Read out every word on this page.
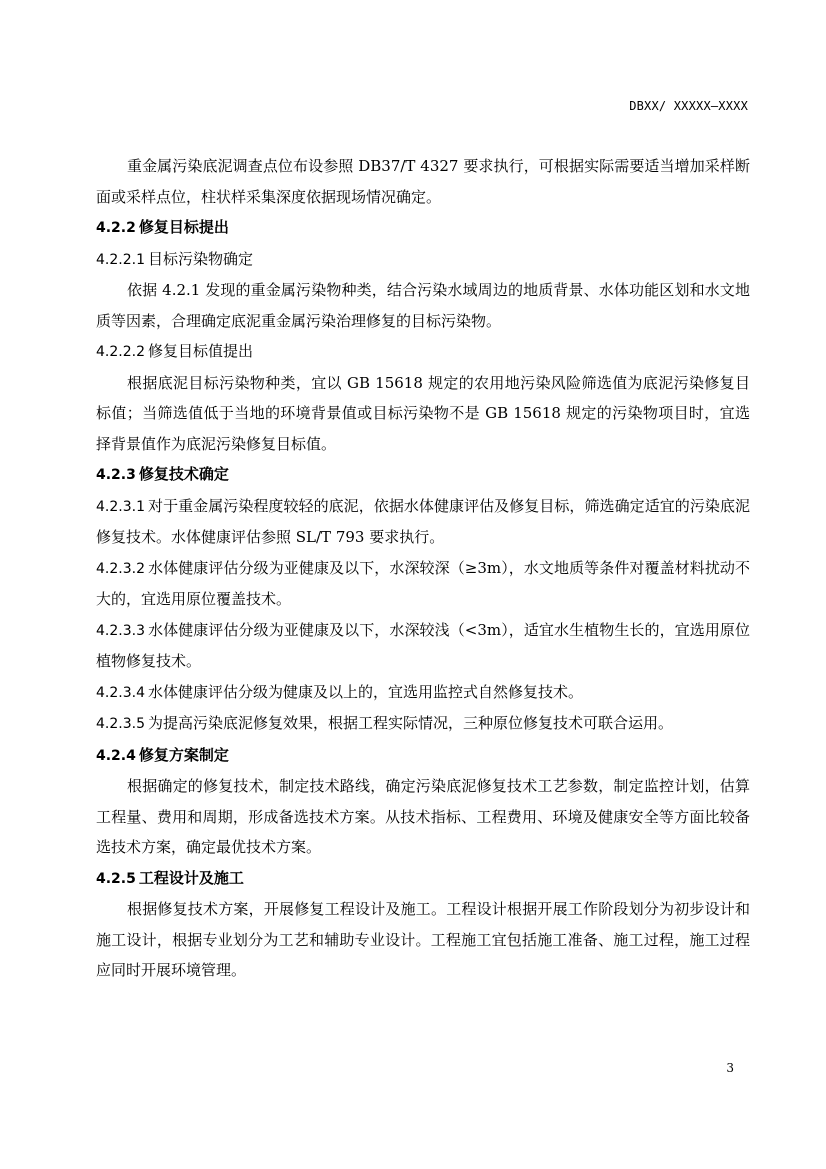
DBXX/ XXXXX—XXXX

重金属污染底泥调查点位布设参照 DB37/T 4327 要求执行，可根据实际需要适当增加采样断面或采样点位，柱状样采集深度依据现场情况确定。

4.2.2 修复目标提出

4.2.2.1 目标污染物确定

依据 4.2.1 发现的重金属污染物种类，结合污染水域周边的地质背景、水体功能区划和水文地质等因素，合理确定底泥重金属污染治理修复的目标污染物。

4.2.2.2 修复目标值提出

根据底泥目标污染物种类，宜以 GB 15618 规定的农用地污染风险筛选值为底泥污染修复目标值；当筛选值低于当地的环境背景值或目标污染物不是 GB 15618 规定的污染物项目时，宜选择背景值作为底泥污染修复目标值。

4.2.3 修复技术确定

4.2.3.1 对于重金属污染程度较轻的底泥，依据水体健康评估及修复目标，筛选确定适宜的污染底泥修复技术。水体健康评估参照 SL/T 793 要求执行。

4.2.3.2 水体健康评估分级为亚健康及以下，水深较深（≥3m），水文地质等条件对覆盖材料扰动不大的，宜选用原位覆盖技术。

4.2.3.3 水体健康评估分级为亚健康及以下，水深较浅（<3m），适宜水生植物生长的，宜选用原位植物修复技术。

4.2.3.4 水体健康评估分级为健康及以上的，宜选用监控式自然修复技术。

4.2.3.5 为提高污染底泥修复效果，根据工程实际情况，三种原位修复技术可联合运用。

4.2.4 修复方案制定

根据确定的修复技术，制定技术路线，确定污染底泥修复技术工艺参数，制定监控计划，估算工程量、费用和周期，形成备选技术方案。从技术指标、工程费用、环境及健康安全等方面比较备选技术方案，确定最优技术方案。

4.2.5 工程设计及施工

根据修复技术方案，开展修复工程设计及施工。工程设计根据开展工作阶段划分为初步设计和施工设计，根据专业划分为工艺和辅助专业设计。工程施工宜包括施工准备、施工过程，施工过程应同时开展环境管理。

3
